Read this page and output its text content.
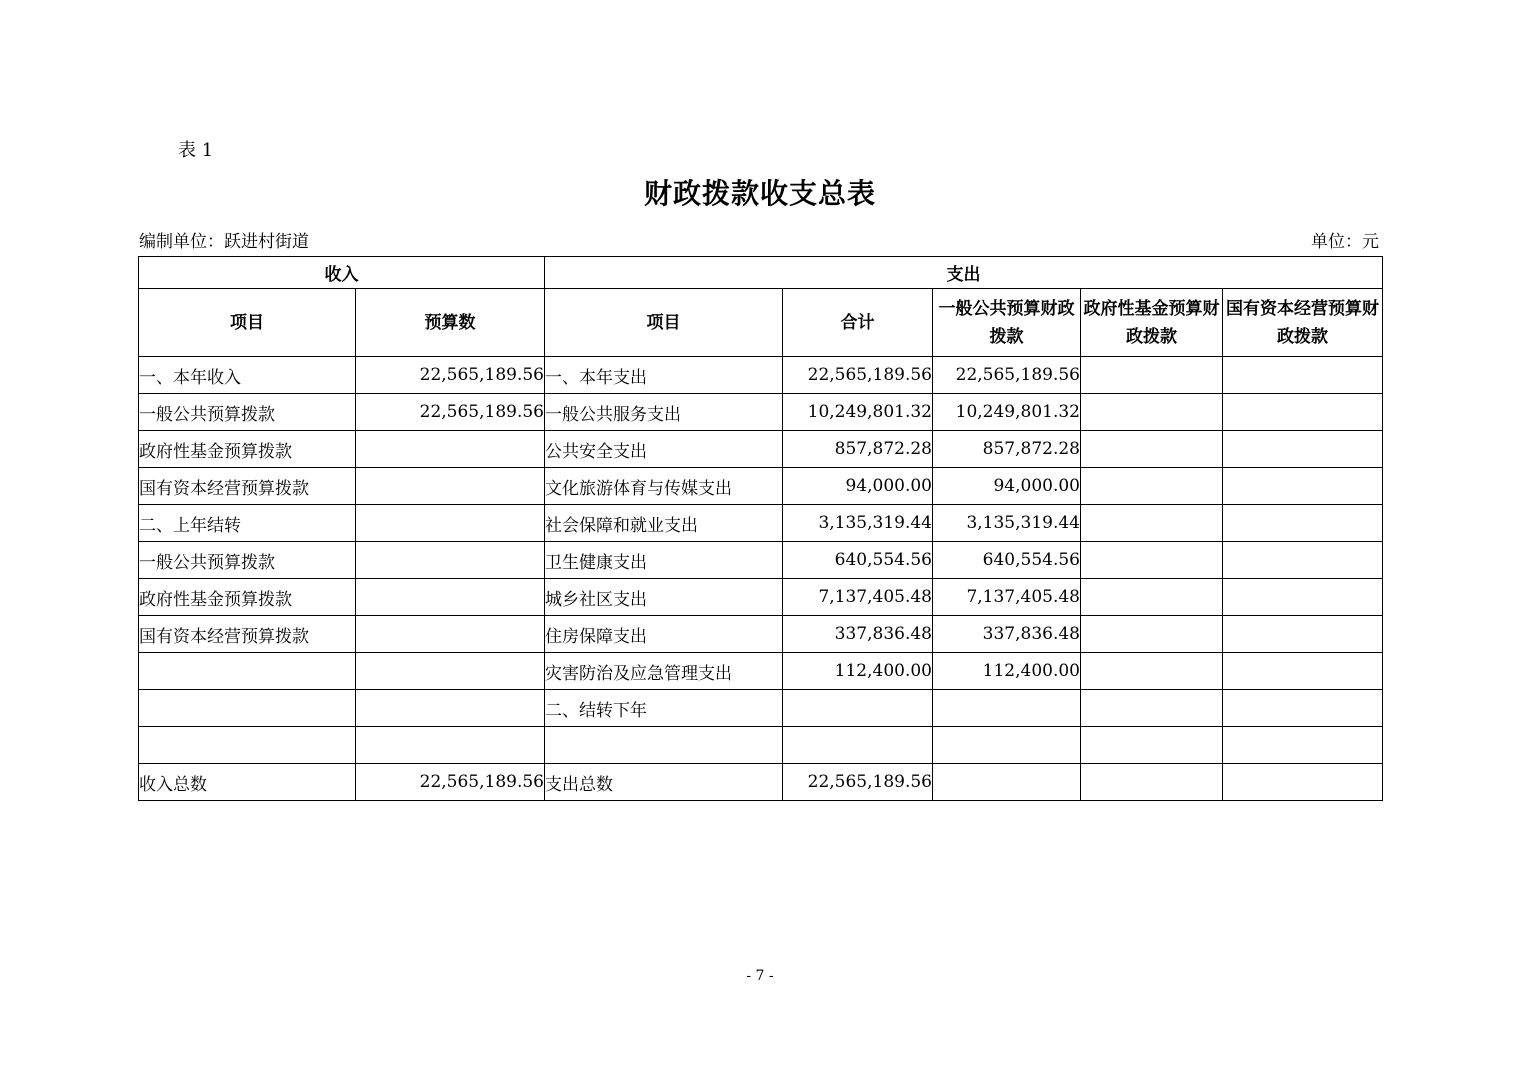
表 1
财政拨款收支总表
编制单位：跃进村街道	单位：元
收入		支出				
项目	预算数	项目	合计	一般公共预算财政拨款	政府性基金预算财政拨款	国有资本经营预算财政拨款
一、本年收入	22,565,189.56	一、本年支出	22,565,189.56	22,565,189.56		
一般公共预算拨款	22,565,189.56	一般公共服务支出	10,249,801.32	10,249,801.32		
政府性基金预算拨款		公共安全支出	857,872.28	857,872.28		
国有资本经营预算拨款		文化旅游体育与传媒支出	94,000.00	94,000.00		
二、上年结转		社会保障和就业支出	3,135,319.44	3,135,319.44		
一般公共预算拨款		卫生健康支出	640,554.56	640,554.56		
政府性基金预算拨款		城乡社区支出	7,137,405.48	7,137,405.48		
国有资本经营预算拨款		住房保障支出	337,836.48	337,836.48		
		灾害防治及应急管理支出	112,400.00	112,400.00		
		二、结转下年				

收入总数	22,565,189.56	支出总数	22,565,189.56			
- 7 -
